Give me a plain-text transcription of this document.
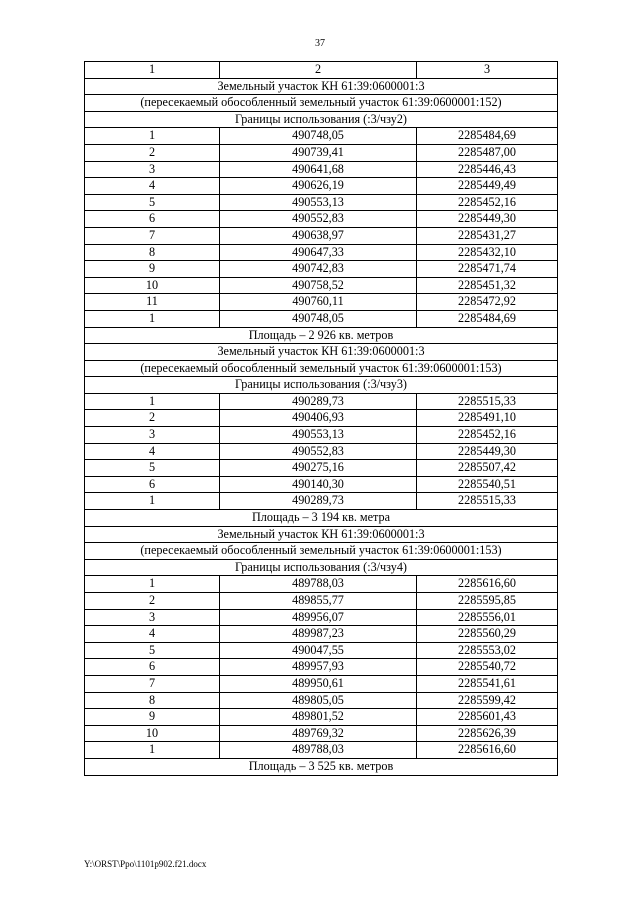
37
1	2	3
Земельный участок КН 61:39:0600001:3		
(пересекаемый обособленный земельный участок 61:39:0600001:152)		
Границы использования (:3/чзу2)		
1	490748,05	2285484,69
2	490739,41	2285487,00
3	490641,68	2285446,43
4	490626,19	2285449,49
5	490553,13	2285452,16
6	490552,83	2285449,30
7	490638,97	2285431,27
8	490647,33	2285432,10
9	490742,83	2285471,74
10	490758,52	2285451,32
11	490760,11	2285472,92
1	490748,05	2285484,69
Площадь – 2 926 кв. метров		
Земельный участок КН 61:39:0600001:3		
(пересекаемый обособленный земельный участок 61:39:0600001:153)		
Границы использования (:3/чзу3)		
1	490289,73	2285515,33
2	490406,93	2285491,10
3	490553,13	2285452,16
4	490552,83	2285449,30
5	490275,16	2285507,42
6	490140,30	2285540,51
1	490289,73	2285515,33
Площадь – 3 194 кв. метра		
Земельный участок КН 61:39:0600001:3		
(пересекаемый обособленный земельный участок 61:39:0600001:153)		
Границы использования (:3/чзу4)		
1	489788,03	2285616,60
2	489855,77	2285595,85
3	489956,07	2285556,01
4	489987,23	2285560,29
5	490047,55	2285553,02
6	489957,93	2285540,72
7	489950,61	2285541,61
8	489805,05	2285599,42
9	489801,52	2285601,43
10	489769,32	2285626,39
1	489788,03	2285616,60
Площадь – 3 525 кв. метров		
Y:\ORST\Ppo\1101p902.f21.docx
